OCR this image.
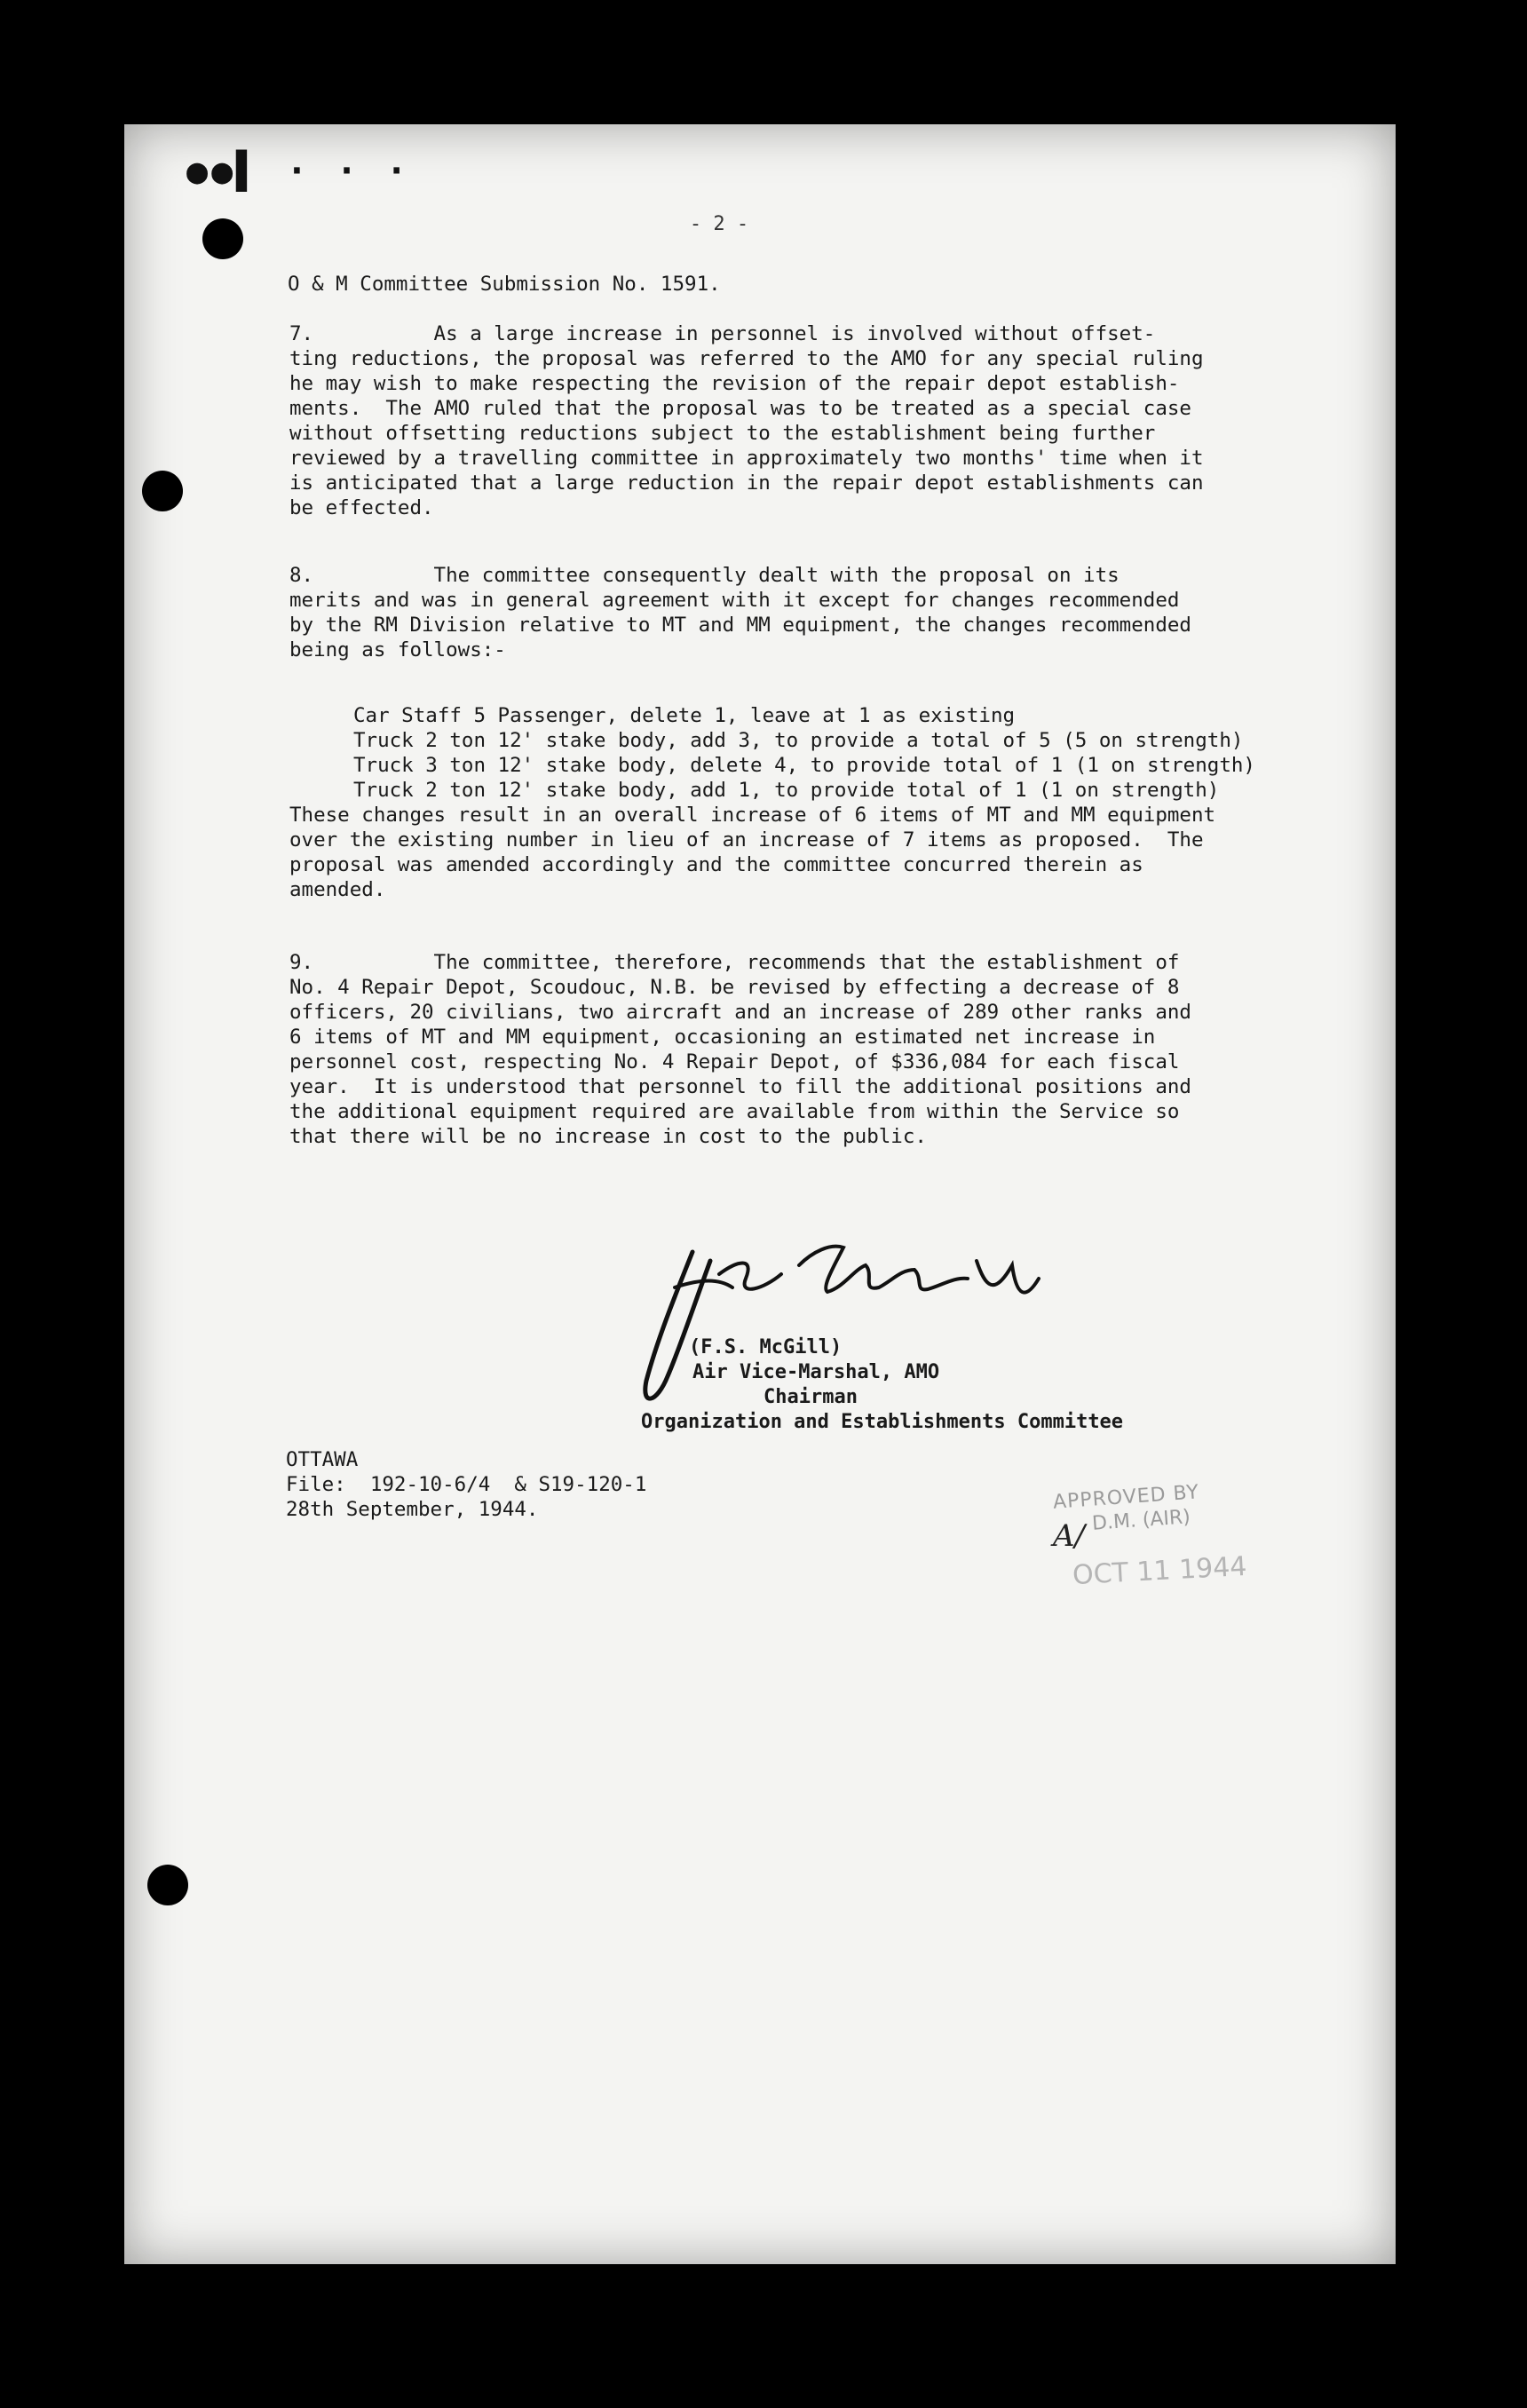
●●▌ · · ·
- 2 -
O & M Committee Submission No. 1591.
7.          As a large increase in personnel is involved without offset-
ting reductions, the proposal was referred to the AMO for any special ruling
he may wish to make respecting the revision of the repair depot establish-
ments.  The AMO ruled that the proposal was to be treated as a special case
without offsetting reductions subject to the establishment being further
reviewed by a travelling committee in approximately two months' time when it
is anticipated that a large reduction in the repair depot establishments can
be effected.
8.          The committee consequently dealt with the proposal on its
merits and was in general agreement with it except for changes recommended
by the RM Division relative to MT and MM equipment, the changes recommended
being as follows:-
Car Staff 5 Passenger, delete 1, leave at 1 as existing
Truck 2 ton 12' stake body, add 3, to provide a total of 5 (5 on strength)
Truck 3 ton 12' stake body, delete 4, to provide total of 1 (1 on strength)
Truck 2 ton 12' stake body, add 1, to provide total of 1 (1 on strength)
These changes result in an overall increase of 6 items of MT and MM equipment
over the existing number in lieu of an increase of 7 items as proposed.  The
proposal was amended accordingly and the committee concurred therein as
amended.
9.          The committee, therefore, recommends that the establishment of
No. 4 Repair Depot, Scoudouc, N.B. be revised by effecting a decrease of 8
officers, 20 civilians, two aircraft and an increase of 289 other ranks and
6 items of MT and MM equipment, occasioning an estimated net increase in
personnel cost, respecting No. 4 Repair Depot, of $336,084 for each fiscal
year.  It is understood that personnel to fill the additional positions and
the additional equipment required are available from within the Service so
that there will be no increase in cost to the public.
(F.S. McGill)
Air Vice-Marshal, AMO
Chairman
Organization and Establishments Committee
OTTAWA
File:  192-10-6/4  & S19-120-1
28th September, 1944.	APPROVED BY
A/ D.M. (AIR)
OCT 11 1944
